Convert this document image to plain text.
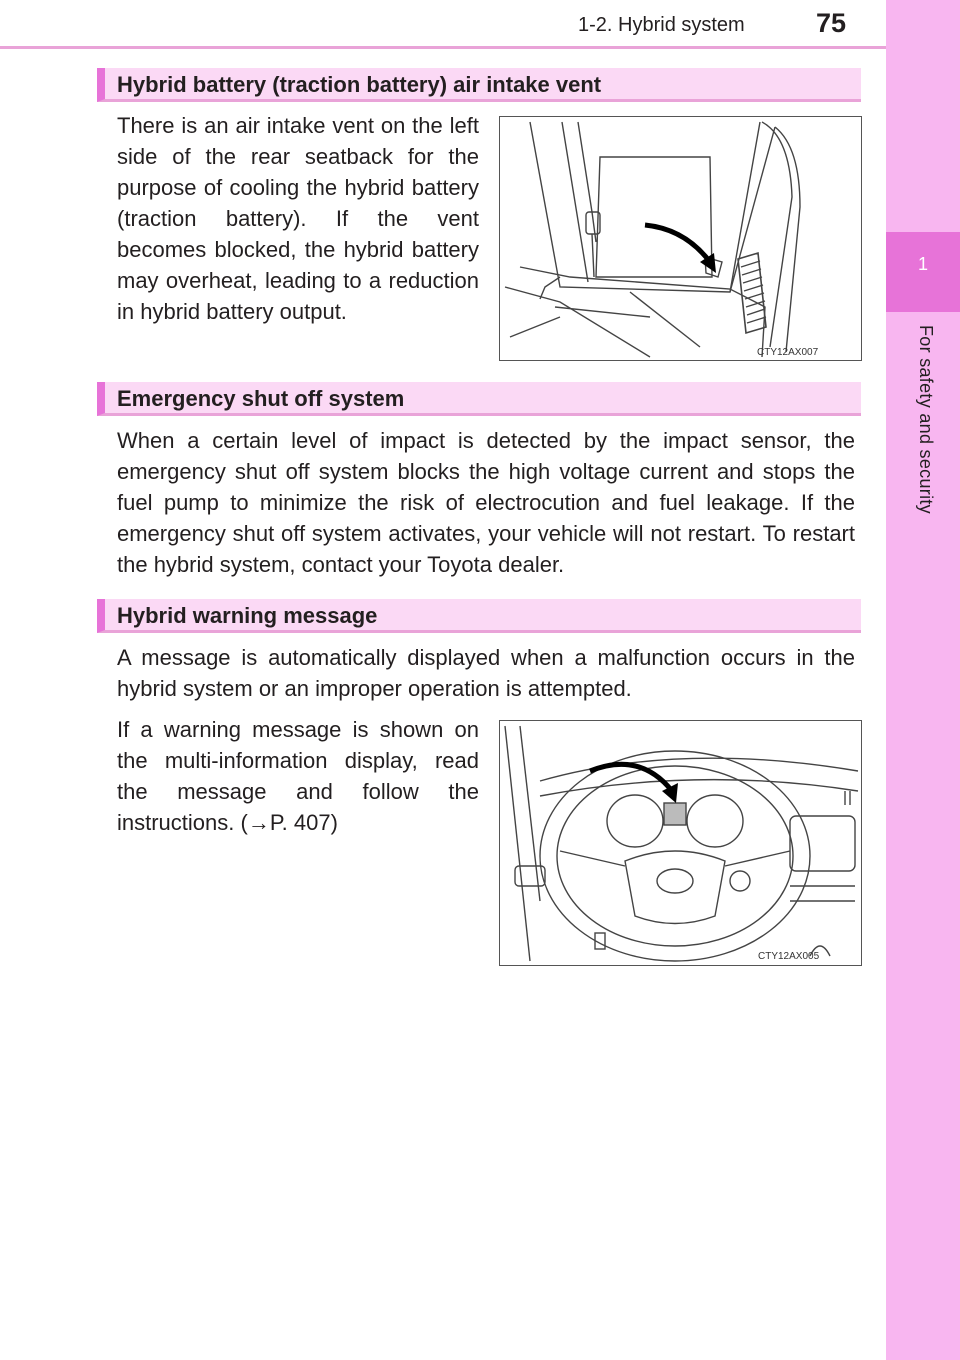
1-2. Hybrid system	75
1
For safety and security
Hybrid battery (traction battery) air intake vent

There is an air intake vent on the left side of the rear seatback for the purpose of cooling the hybrid battery (traction battery). If the vent becomes blocked, the hybrid battery may overheat, leading to a reduction in hybrid battery output.

CTY12AX007
Emergency shut off system

When a certain level of impact is detected by the impact sensor, the emergency shut off system blocks the high voltage current and stops the fuel pump to minimize the risk of electrocution and fuel leakage. If the emergency shut off system activates, your vehicle will not restart. To restart the hybrid system, contact your Toyota dealer.

Hybrid warning message

A message is automatically displayed when a malfunction occurs in the hybrid system or an improper operation is attempted.

If a warning message is shown on the multi-information display, read the message and follow the instructions. (→P. 407)

CTY12AX005
